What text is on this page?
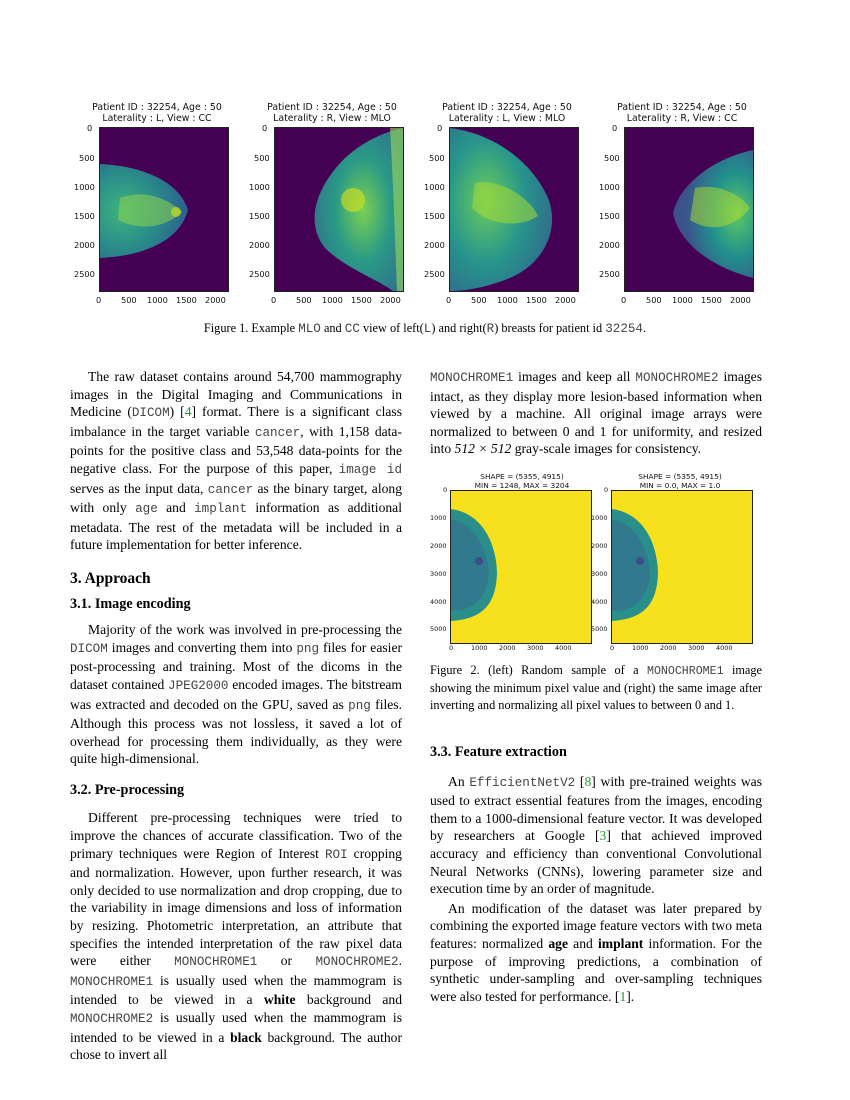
Patient ID : 32254, Age : 50
Laterality : L, View : CC
0
500
1000
1500
2000
2500
0 500 1000 1500 2000
Patient ID : 32254, Age : 50
Laterality : R, View : MLO
0
500
1000
1500
2000
2500
0 500 1000 1500 2000
Patient ID : 32254, Age : 50
Laterality : L, View : MLO
0
500
1000
1500
2000
2500
0 500 1000 1500 2000
Patient ID : 32254, Age : 50
Laterality : R, View : CC
0
500
1000
1500
2000
2500
0 500 1000 1500 2000
Figure 1. Example MLO and CC view of left(L) and right(R) breasts for patient id 32254.

The raw dataset contains around 54,700 mammography images in the Digital Imaging and Communications in Medicine (DICOM) [4] format. There is a significant class imbalance in the target variable cancer, with 1,158 data-points for the positive class and 53,548 data-points for the negative class. For the purpose of this paper, image id serves as the input data, cancer as the binary target, along with only age and implant information as additional metadata. The rest of the metadata will be included in a future implementation for better inference.

3. Approach
3.1. Image encoding

Majority of the work was involved in pre-processing the DICOM images and converting them into png files for easier post-processing and training. Most of the dicoms in the dataset contained JPEG2000 encoded images. The bitstream was extracted and decoded on the GPU, saved as png files. Although this process was not lossless, it saved a lot of overhead for processing them individually, as they were quite high-dimensional.

3.2. Pre-processing

Different pre-processing techniques were tried to improve the chances of accurate classification. Two of the primary techniques were Region of Interest ROI cropping and normalization. However, upon further research, it was only decided to use normalization and drop cropping, due to the variability in image dimensions and loss of information by resizing. Photometric interpretation, an attribute that specifies the intended interpretation of the raw pixel data were either MONOCHROME1 or MONOCHROME2. MONOCHROME1 is usually used when the mammogram is intended to be viewed in a white background and MONOCHROME2 is usually used when the mammogram is intended to be viewed in a black background. The author chose to invert all

MONOCHROME1 images and keep all MONOCHROME2 images intact, as they display more lesion-based information when viewed by a machine. All original image arrays were normalized to between 0 and 1 for uniformity, and resized into 512 × 512 gray-scale images for consistency.

SHAPE = (5355, 4915)
MIN = 1248, MAX = 3204
0
1000
2000
3000
4000
5000
0	1000 2000 3000 4000
SHAPE = (5355, 4915)
MIN = 0.0, MAX = 1.0
0
1000
2000
3000
4000
5000
0	1000 2000 3000 4000
Figure 2. (left) Random sample of a MONOCHROME1 image showing the minimum pixel value and (right) the same image after inverting and normalizing all pixel values to between 0 and 1.
3.3. Feature extraction

An EfficientNetV2 [8] with pre-trained weights was used to extract essential features from the images, encoding them to a 1000-dimensional feature vector. It was developed by researchers at Google [3] that achieved improved accuracy and efficiency than conventional Convolutional Neural Networks (CNNs), lowering parameter size and execution time by an order of magnitude.

An modification of the dataset was later prepared by combining the exported image feature vectors with two meta features: normalized age and implant information. For the purpose of improving predictions, a combination of synthetic under-sampling and over-sampling techniques were also tested for performance. [1].
